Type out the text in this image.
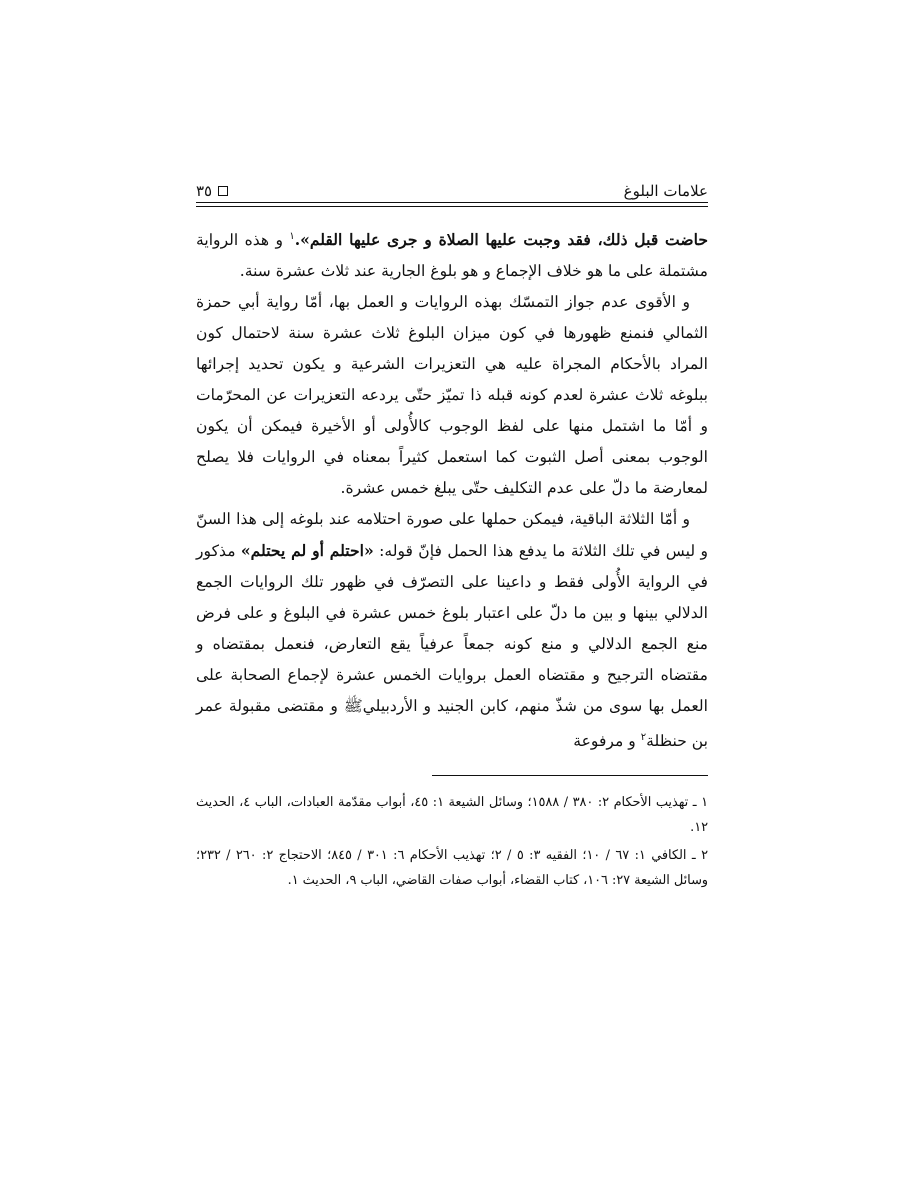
علامات البلوغ
٣٥

حاضت قبل ذلك، فقد وجبت عليها الصلاة و جرى عليها القلم».$^١$ و هذه الرواية مشتملة على ما هو خلاف الإجماع و هو بلوغ الجارية عند ثلاث عشرة سنة.

و الأقوى عدم جواز التمسّك بهذه الروايات و العمل بها، أمّا رواية أبي حمزة الثمالي فنمنع ظهورها في كون ميزان البلوغ ثلاث عشرة سنة لاحتمال كون المراد بالأحكام المجراة عليه هي التعزيرات الشرعية و يكون تحديد إجرائها ببلوغه ثلاث عشرة لعدم كونه قبله ذا تميّز حتّى يردعه التعزيرات عن المحرّمات و أمّا ما اشتمل منها على لفظ الوجوب كالأُولى أو الأخيرة فيمكن أن يكون الوجوب بمعنى أصل الثبوت كما استعمل كثيراً بمعناه في الروايات فلا يصلح لمعارضة ما دلّ على عدم التكليف حتّى يبلغ خمس عشرة.

و أمّا الثلاثة الباقية، فيمكن حملها على صورة احتلامه عند بلوغه إلى هذا السنّ و ليس في تلك الثلاثة ما يدفع هذا الحمل فإنّ قوله: «احتلم أو لم يحتلم» مذكور في الرواية الأُولى فقط و داعينا على التصرّف في ظهور تلك الروايات الجمع الدلالي بينها و بين ما دلّ على اعتبار بلوغ خمس عشرة في البلوغ و على فرض منع الجمع الدلالي و منع كونه جمعاً عرفياً يقع التعارض، فنعمل بمقتضاه و مقتضاه الترجيح و مقتضاه العمل بروايات الخمس عشرة لإجماع الصحابة على العمل بها سوى من شذّ منهم، كابن الجنيد و الأردبيليﷺ و مقتضى مقبولة عمر بن حنظلة$^٢$ و مرفوعة

١ ـ تهذيب الأحكام ٢: ٣٨٠ / ١٥٨٨؛ وسائل الشيعة ١: ٤٥، أبواب مقدّمة العبادات، الباب ٤، الحديث ١٢.

٢ ـ الكافي ١: ٦٧ / ١٠؛ الفقيه ٣: ٥ / ٢؛ تهذيب الأحكام ٦: ٣٠١ / ٨٤٥؛ الاحتجاج ٢: ٢٦٠ / ٢٣٢؛ وسائل الشيعة ٢٧: ١٠٦، كتاب القضاء، أبواب صفات القاضي، الباب ٩، الحديث ١.
